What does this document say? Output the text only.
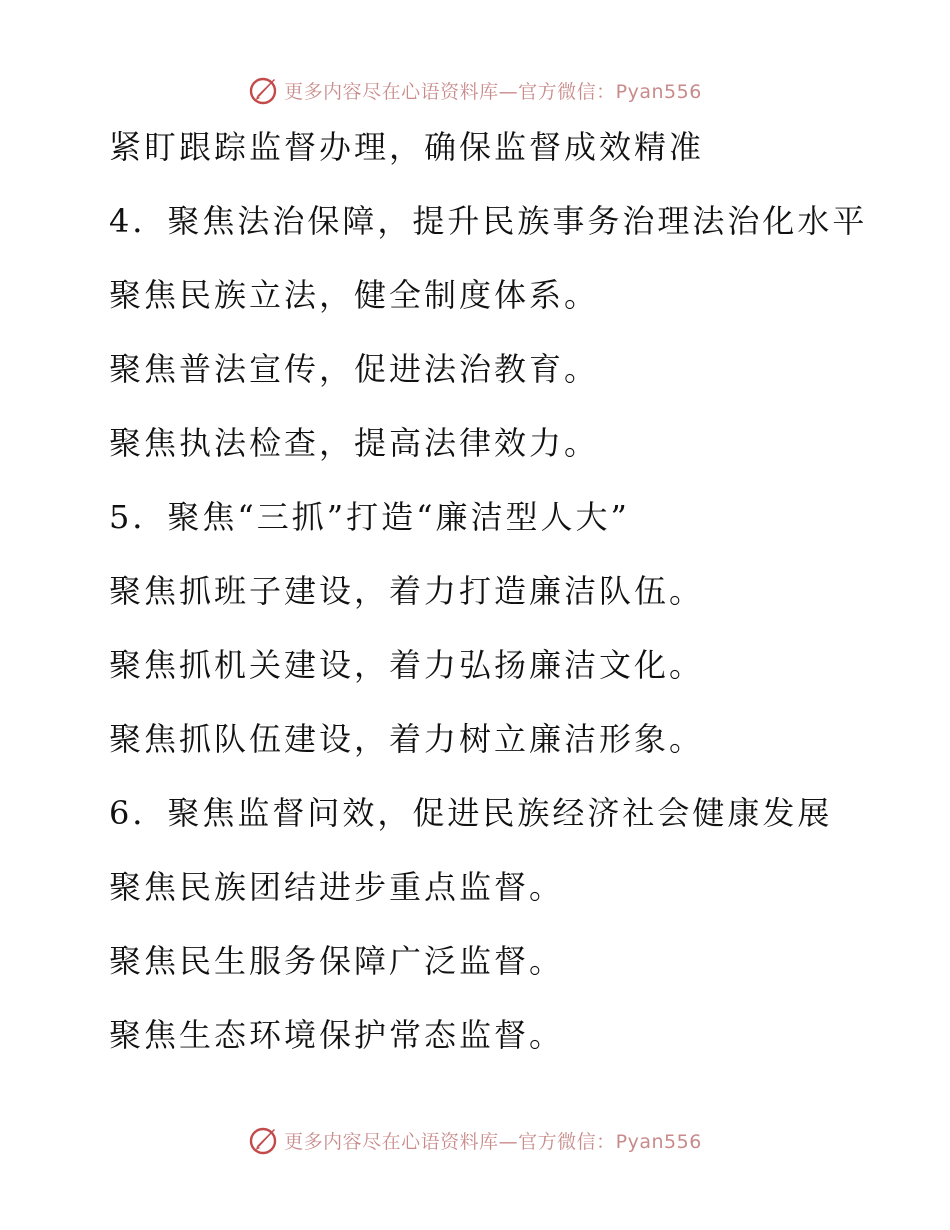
更多内容尽在心语资料库—官方微信：Pyan556
紧盯跟踪监督办理，确保监督成效精准
4．聚焦法治保障，提升民族事务治理法治化水平
聚焦民族立法，健全制度体系。
聚焦普法宣传，促进法治教育。
聚焦执法检查，提高法律效力。
5．聚焦“三抓”打造“廉洁型人大”
聚焦抓班子建设，着力打造廉洁队伍。
聚焦抓机关建设，着力弘扬廉洁文化。
聚焦抓队伍建设，着力树立廉洁形象。
6．聚焦监督问效，促进民族经济社会健康发展
聚焦民族团结进步重点监督。
聚焦民生服务保障广泛监督。
聚焦生态环境保护常态监督。
更多内容尽在心语资料库—官方微信：Pyan556
